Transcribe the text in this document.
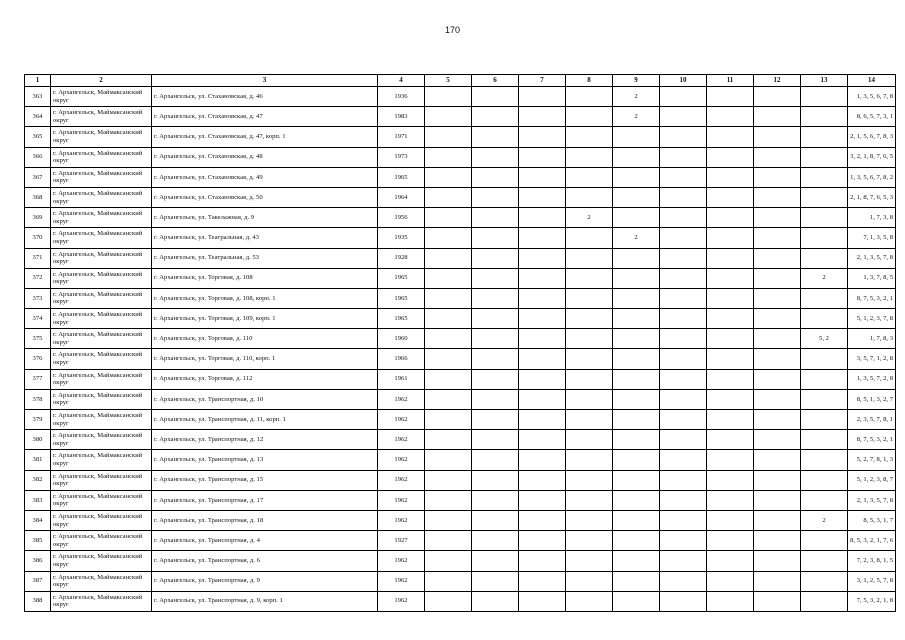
170
1	2	3	4	5	6	7	8	9	10	11	12	13	14
363	г. Архангельск, Маймаксанский округ	г. Архангельск, ул. Стахановская, д. 46	1936					2					1, 3, 5, 6, 7, 8
364	г. Архангельск, Маймаксанский округ	г. Архангельск, ул. Стахановская, д. 47	1983					2					8, 6, 5, 7, 3, 1
365	г. Архангельск, Маймаксанский округ	г. Архангельск, ул. Стахановская, д. 47, корп. 1	1971										2, 1, 5, 6, 7, 8, 3
366	г. Архангельск, Маймаксанский округ	г. Архангельск, ул. Стахановская, д. 48	1973										3, 2, 1, 8, 7, 6, 5
367	г. Архангельск, Маймаксанский округ	г. Архангельск, ул. Стахановская, д. 49	1965										1, 3, 5, 6, 7, 8, 2
368	г. Архангельск, Маймаксанский округ	г. Архангельск, ул. Стахановская, д. 50	1964										2, 1, 8, 7, 6, 5, 3
369	г. Архангельск, Маймаксанский округ	г. Архангельск, ул. Такелажная, д. 9	1956				2						1, 7, 3, 8
370	г. Архангельск, Маймаксанский округ	г. Архангельск, ул. Театральная, д. 43	1935					2					7, 1, 3, 5, 8
371	г. Архангельск, Маймаксанский округ	г. Архангельск, ул. Театральная, д. 53	1928										2, 1, 3, 5, 7, 8
372	г. Архангельск, Маймаксанский округ	г. Архангельск, ул. Торговая, д. 108	1965									2	1, 3, 7, 8, 5
373	г. Архангельск, Маймаксанский округ	г. Архангельск, ул. Торговая, д. 108, корп. 1	1965										8, 7, 5, 3, 2, 1
374	г. Архангельск, Маймаксанский округ	г. Архангельск, ул. Торговая, д. 109, корп. 1	1965										5, 1, 2, 3, 7, 8
375	г. Архангельск, Маймаксанский округ	г. Архангельск, ул. Торговая, д. 110	1960									5, 2	1, 7, 8, 3
376	г. Архангельск, Маймаксанский округ	г. Архангельск, ул. Торговая, д. 110, корп. 1	1966										3, 5, 7, 1, 2, 8
377	г. Архангельск, Маймаксанский округ	г. Архангельск, ул. Торговая, д. 112	1961										1, 3, 5, 7, 2, 8
378	г. Архангельск, Маймаксанский округ	г. Архангельск, ул. Транспортная, д. 10	1962										8, 5, 1, 3, 2, 7
379	г. Архангельск, Маймаксанский округ	г. Архангельск, ул. Транспортная, д. 11, корп. 1	1962										2, 3, 5, 7, 8, 1
380	г. Архангельск, Маймаксанский округ	г. Архангельск, ул. Транспортная, д. 12	1962										8, 7, 5, 3, 2, 1
381	г. Архангельск, Маймаксанский округ	г. Архангельск, ул. Транспортная, д. 13	1962										5, 2, 7, 8, 1, 3
382	г. Архангельск, Маймаксанский округ	г. Архангельск, ул. Транспортная, д. 15	1962										5, 1, 2, 3, 8, 7
383	г. Архангельск, Маймаксанский округ	г. Архангельск, ул. Транспортная, д. 17	1962										2, 1, 3, 5, 7, 8
384	г. Архангельск, Маймаксанский округ	г. Архангельск, ул. Транспортная, д. 18	1962									2	8, 5, 3, 1, 7
385	г. Архангельск, Маймаксанский округ	г. Архангельск, ул. Транспортная, д. 4	1927										8, 5, 3, 2, 1, 7, 6
386	г. Архангельск, Маймаксанский округ	г. Архангельск, ул. Транспортная, д. 6	1962										7, 2, 3, 8, 1, 5
387	г. Архангельск, Маймаксанский округ	г. Архангельск, ул. Транспортная, д. 9	1962										3, 1, 2, 5, 7, 8
388	г. Архангельск, Маймаксанский округ	г. Архангельск, ул. Транспортная, д. 9, корп. 1	1962										7, 5, 3, 2, 1, 8
